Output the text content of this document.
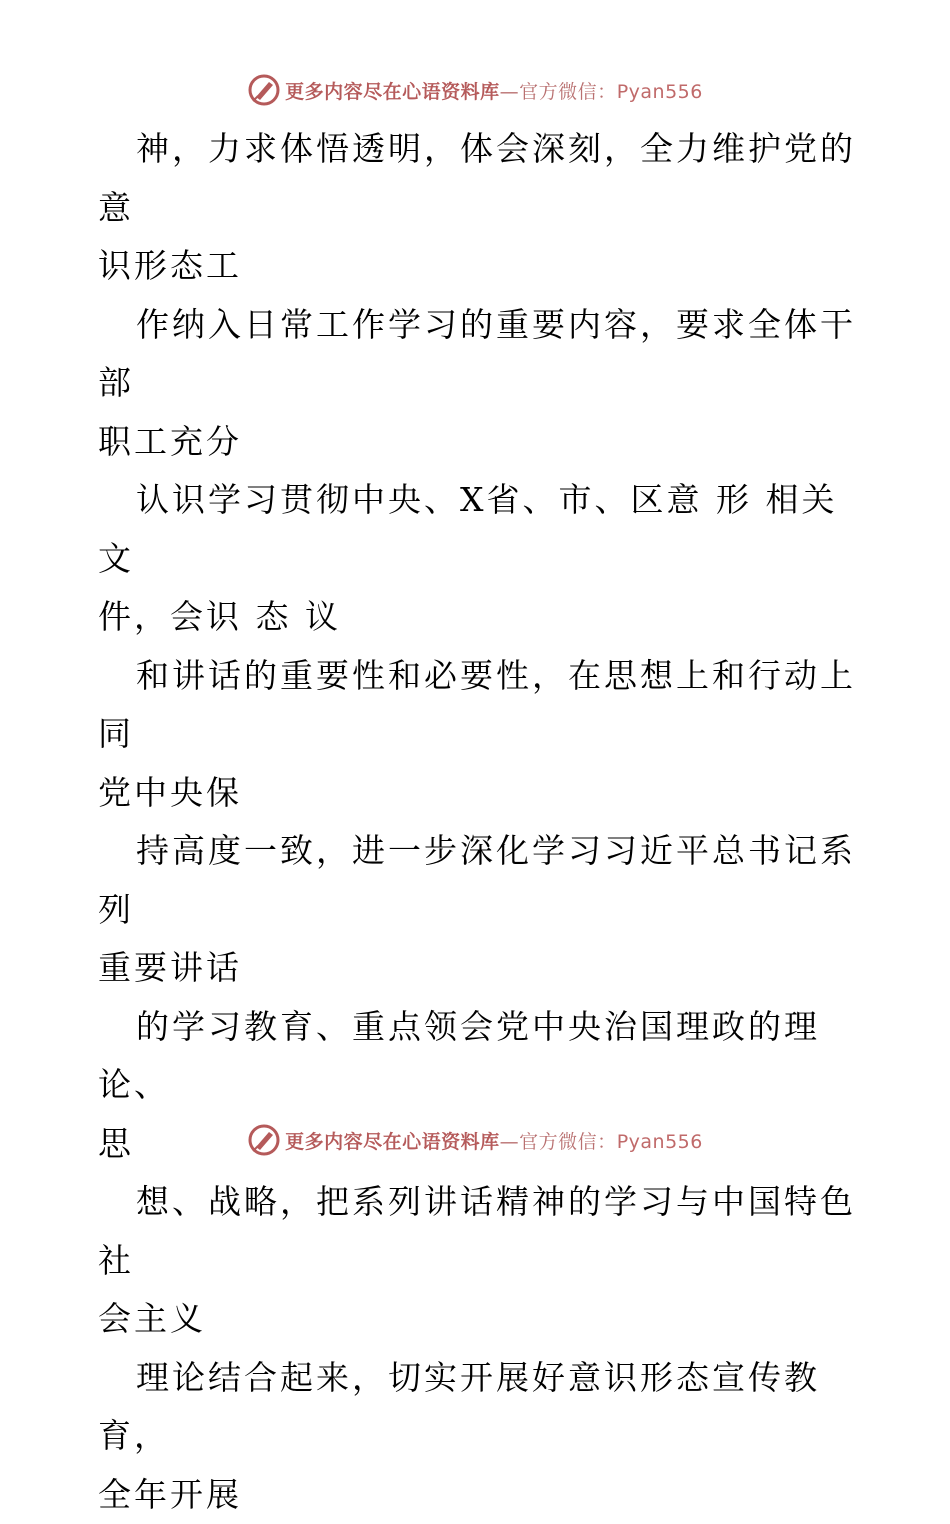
更多内容尽在心语资料库—官方微信：Pyan556

神，力求体悟透明，体会深刻，全力维护党的意
识形态工

作纳入日常工作学习的重要内容，要求全体干部
职工充分

认识学习贯彻中央、X省、市、区意 形 相关文
件，会识 态 议

和讲话的重要性和必要性，在思想上和行动上同
党中央保

持高度一致，进一步深化学习习近平总书记系列
重要讲话

的学习教育、重点领会党中央治国理政的理论、
思

想、战略，把系列讲话精神的学习与中国特色社
会主义

理论结合起来，切实开展好意识形态宣传教育，
全年开展

更多内容尽在心语资料库—官方微信：Pyan556
